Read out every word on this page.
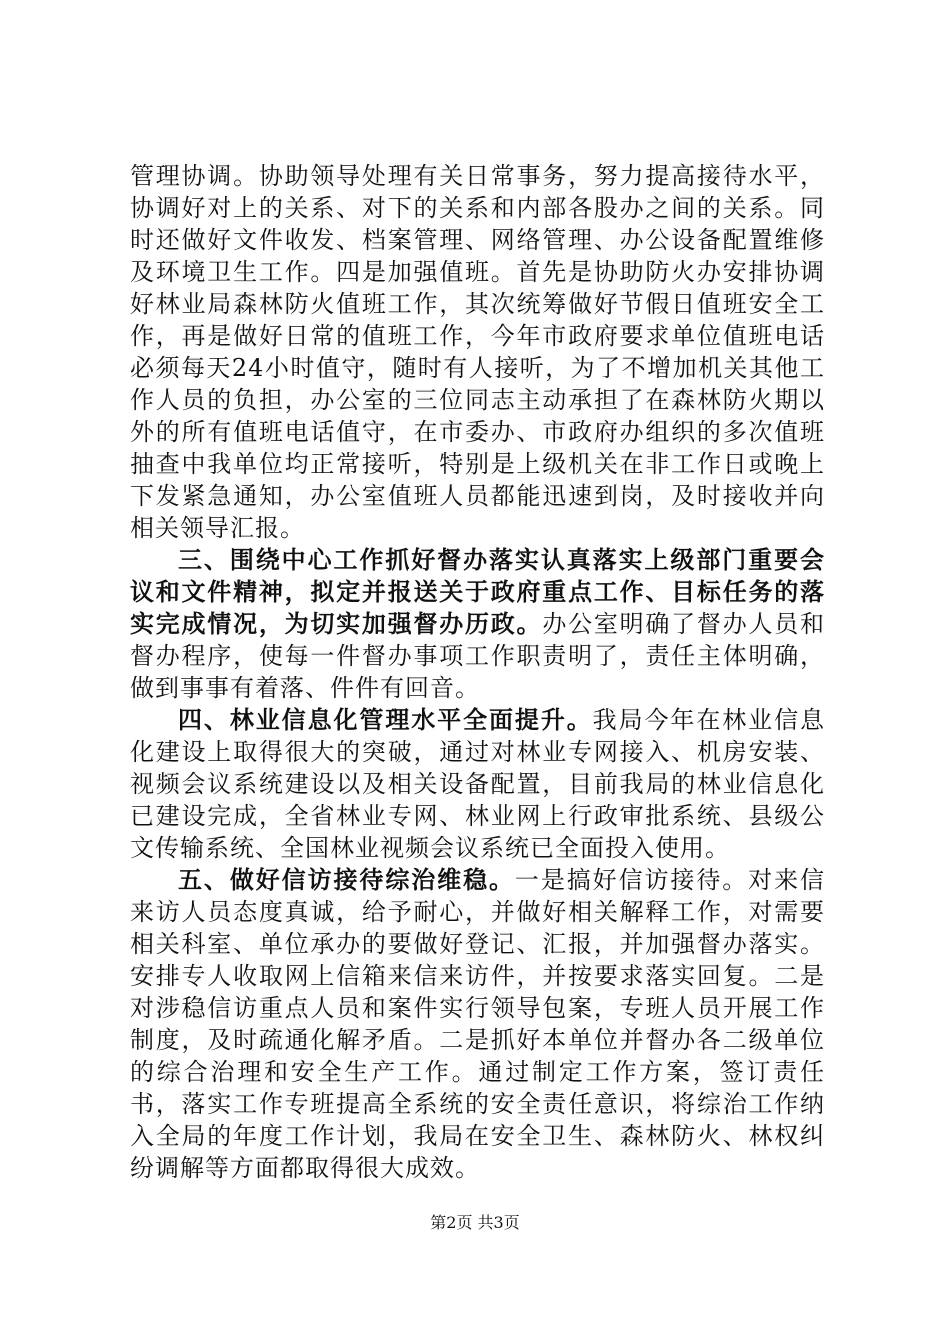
管理协调。协助领导处理有关日常事务，努力提高接待水平，协调好对上的关系、对下的关系和内部各股办之间的关系。同时还做好文件收发、档案管理、网络管理、办公设备配置维修及环境卫生工作。四是加强值班。首先是协助防火办安排协调好林业局森林防火值班工作，其次统筹做好节假日值班安全工作，再是做好日常的值班工作，今年市政府要求单位值班电话必须每天24小时值守，随时有人接听，为了不增加机关其他工作人员的负担，办公室的三位同志主动承担了在森林防火期以外的所有值班电话值守，在市委办、市政府办组织的多次值班抽查中我单位均正常接听，特别是上级机关在非工作日或晚上下发紧急通知，办公室值班人员都能迅速到岗，及时接收并向相关领导汇报。

三、围绕中心工作抓好督办落实认真落实上级部门重要会议和文件精神，拟定并报送关于政府重点工作、目标任务的落实完成情况，为切实加强督办历政。办公室明确了督办人员和督办程序，使每一件督办事项工作职责明了，责任主体明确，做到事事有着落、件件有回音。

四、林业信息化管理水平全面提升。我局今年在林业信息化建设上取得很大的突破，通过对林业专网接入、机房安装、视频会议系统建设以及相关设备配置，目前我局的林业信息化已建设完成，全省林业专网、林业网上行政审批系统、县级公文传输系统、全国林业视频会议系统已全面投入使用。

五、做好信访接待综治维稳。一是搞好信访接待。对来信来访人员态度真诚，给予耐心，并做好相关解释工作，对需要相关科室、单位承办的要做好登记、汇报，并加强督办落实。安排专人收取网上信箱来信来访件，并按要求落实回复。二是对涉稳信访重点人员和案件实行领导包案，专班人员开展工作制度，及时疏通化解矛盾。二是抓好本单位并督办各二级单位的综合治理和安全生产工作。通过制定工作方案，签订责任书，落实工作专班提高全系统的安全责任意识，将综治工作纳入全局的年度工作计划，我局在安全卫生、森林防火、林权纠纷调解等方面都取得很大成效。

第2页 共3页
